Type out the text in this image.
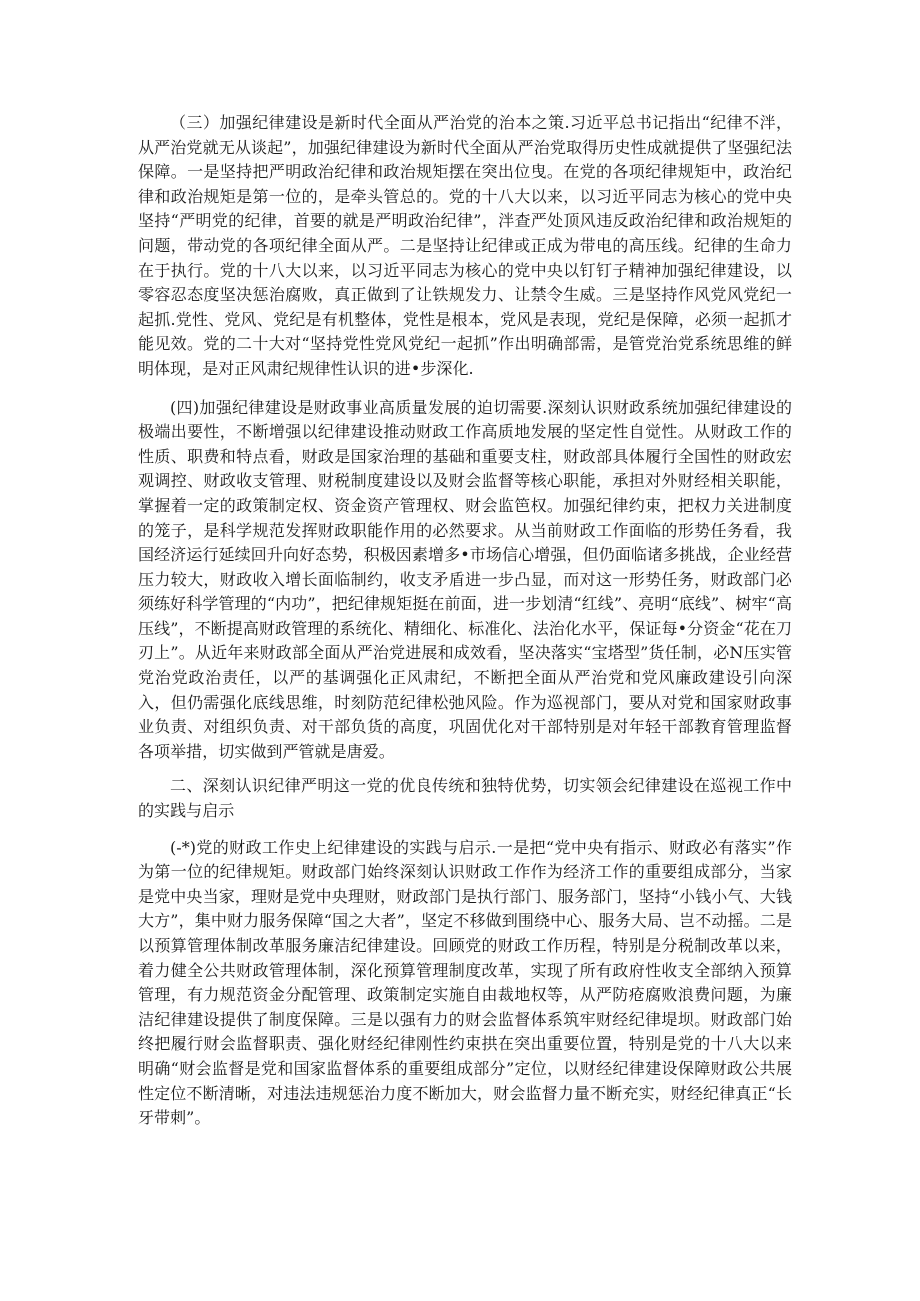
（三）加强纪律建设是新时代全面从严治党的治本之策.习近平总书记指出“纪律不泮，从严治党就无从谈起”，加强纪律建设为新时代全面从严治党取得历史性成就提供了坚强纪法保障。一是坚持把严明政治纪律和政治规矩摆在突出位曳。在党的各项纪律规矩中，政治纪律和政治规矩是第一位的，是牵头管总的。党的十八大以来，以习近平同志为核心的党中央坚持“严明党的纪律，首要的就是严明政治纪律”，泮查严处顶风违反政治纪律和政治规矩的问题，带动党的各项纪律全面从严。二是坚持让纪律或正成为带电的高压线。纪律的生命力在于执行。党的十八大以来，以习近平同志为核心的党中央以钉钉子精神加强纪律建设，以零容忍态度坚决惩治腐败，真正做到了让铁规发力、让禁令生威。三是坚持作风党风党纪一起抓.党性、党风、党纪是有机整体，党性是根本，党风是表现，党纪是保障，必须一起抓才能见效。党的二十大对“坚持党性党风党纪一起抓”作出明确部需，是管党治党系统思维的鲜明体现，是对正风肃纪规律性认识的进•步深化.

(四)加强纪律建设是财政事业高质量发展的迫切需要.深刻认识财政系统加强纪律建设的极端出要性，不断增强以纪律建设推动财政工作高质地发展的坚定性自觉性。从财政工作的性质、职费和特点看，财政是国家治理的基础和重要支柱，财政部具体履行全国性的财政宏观调控、财政收支管理、财税制度建设以及财会监督等核心职能，承担对外财经相关职能，掌握着一定的政策制定权、资金资产管理权、财会监笆权。加强纪律约束，把权力关进制度的笼子，是科学规范发挥财政职能作用的必然要求。从当前财政工作面临的形势任务看，我国经济运行延续回升向好态势，积极因素增多•市场信心增强，但仍面临诸多挑战，企业经营压力较大，财政收入增长面临制约，收支矛盾进一步凸显，而对这一形势任务，财政部门必须练好科学管理的“内功”，把纪律规矩挺在前面，进一步划清“红线”、亮明“底线”、树牢“高压线”，不断提高财政管理的系统化、精细化、标准化、法治化水平，保证每•分资金“花在刀刃上”。从近年来财政部全面从严治党进展和成效看，坚决落实“宝塔型”货任制，必N压实管党治党政治责任，以严的基调强化正风肃纪，不断把全面从严治党和党风廉政建设引向深入，但仍需强化底线思维，时刻防范纪律松弛风险。作为巡视部门，要从对党和国家财政事业负责、对组织负责、对干部负货的高度，巩固优化对干部特别是对年轻干部教育管理监督各项举措，切实做到严管就是唐爱。

二、深刻认识纪律严明这一党的优良传统和独特优势，切实领会纪律建设在巡视工作中的实践与启示

(-*)党的财政工作史上纪律建设的实践与启示.一是把“党中央有指示、财政必有落实”作为第一位的纪律规矩。财政部门始终深刻认识财政工作作为经济工作的重要组成部分，当家是党中央当家，理财是党中央理财，财政部门是执行部门、服务部门，坚持“小钱小气、大钱大方”，集中财力服务保障“国之大者”，坚定不移做到围绕中心、服务大局、岂不动摇。二是以预算管理体制改革服务廉洁纪律建设。回顾党的财政工作历程，特别是分税制改革以来，着力健全公共财政管理体制，深化预算管理制度改革，实现了所有政府性收支全部纳入预算管理，有力规范资金分配管理、政策制定实施自由裁地权等，从严防疮腐败浪费问题，为廉洁纪律建设提供了制度保障。三是以强有力的财会监督体系筑牢财经纪律堤坝。财政部门始终把履行财会监督职责、强化财经纪律刚性约束拱在突出重要位置，特别是党的十八大以来明确“财会监督是党和国家监督体系的重要组成部分”定位，以财经纪律建设保障财政公共展性定位不断清晰，对违法违规惩治力度不断加大，财会监督力量不断充实，财经纪律真正“长牙带刺”。
